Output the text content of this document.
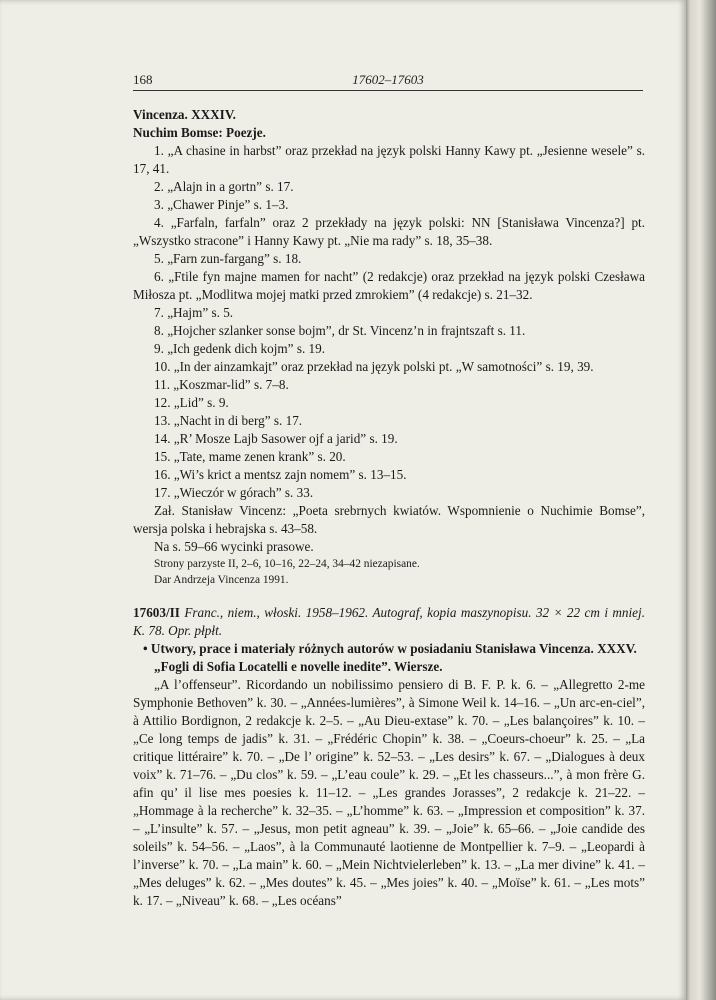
168	17602–17603

Vincenza. XXXIV.

Nuchim Bomse: Poezje.

1. „A chasine in harbst” oraz przekład na język polski Hanny Kawy pt. „Jesienne wesele” s. 17, 41.

2. „Alajn in a gortn” s. 17.

3. „Chawer Pinje” s. 1–3.

4. „Farfaln, farfaln” oraz 2 przekłady na język polski: NN [Stanisława Vincenza?] pt. „Wszystko stracone” i Hanny Kawy pt. „Nie ma rady” s. 18, 35–38.

5. „Farn zun-fargang” s. 18.

6. „Ftile fyn majne mamen for nacht” (2 redakcje) oraz przekład na język polski Czesława Miłosza pt. „Modlitwa mojej matki przed zmrokiem” (4 redakcje) s. 21–32.

7. „Hajm” s. 5.

8. „Hojcher szlanker sonse bojm”, dr St. Vincenz’n in frajntszaft s. 11.

9. „Ich gedenk dich kojm” s. 19.

10. „In der ainzamkajt” oraz przekład na język polski pt. „W samotności” s. 19, 39.

11. „Koszmar-lid” s. 7–8.

12. „Lid” s. 9.

13. „Nacht in di berg” s. 17.

14. „R’ Mosze Lajb Sasower ojf a jarid” s. 19.

15. „Tate, mame zenen krank” s. 20.

16. „Wi’s krict a mentsz zajn nomem” s. 13–15.

17. „Wieczór w górach” s. 33.

Zał. Stanisław Vincenz: „Poeta srebrnych kwiatów. Wspomnienie o Nuchimie Bomse”, wersja polska i hebrajska s. 43–58.

Na s. 59–66 wycinki prasowe.

Strony parzyste II, 2–6, 10–16, 22–24, 34–42 niezapisane.

Dar Andrzeja Vincenza 1991.

17603/II Franc., niem., włoski. 1958–1962. Autograf, kopia maszynopisu. 32 × 22 cm i mniej. K. 78. Opr. płpłt.

• Utwory, prace i materiały różnych autorów w posiadaniu Stanisława Vincenza. XXXV.

„Fogli di Sofia Locatelli e novelle inedite”. Wiersze.

„A l’offenseur”. Ricordando un nobilissimo pensiero di B. F. P. k. 6. – „Allegretto 2-me Symphonie Bethoven” k. 30. – „Années-lumières”, à Simone Weil k. 14–16. – „Un arc-en-ciel”, à Attilio Bordignon, 2 redakcje k. 2–5. – „Au Dieu-extase” k. 70. – „Les balançoires” k. 10. – „Ce long temps de jadis” k. 31. – „Frédéric Chopin” k. 38. – „Coeurs-choeur” k. 25. – „La critique littéraire” k. 70. – „De l’ origine” k. 52–53. – „Les desirs” k. 67. – „Dialogues à deux voix” k. 71–76. – „Du clos” k. 59. – „L’eau coule” k. 29. – „Et les chasseurs...”, à mon frère G. afin qu’ il lise mes poesies k. 11–12. – „Les grandes Jorasses”, 2 redakcje k. 21–22. – „Hommage à la recherche” k. 32–35. – „L’homme” k. 63. – „Impression et composition” k. 37. – „L’insulte” k. 57. – „Jesus, mon petit agneau” k. 39. – „Joie” k. 65–66. – „Joie candide des soleils” k. 54–56. – „Laos”, à la Communauté laotienne de Montpellier k. 7–9. – „Leopardi à l’inverse” k. 70. – „La main” k. 60. – „Mein Nichtvielerleben” k. 13. – „La mer divine” k. 41. – „Mes deluges” k. 62. – „Mes doutes” k. 45. – „Mes joies” k. 40. – „Moïse” k. 61. – „Les mots” k. 17. – „Niveau” k. 68. – „Les océans”
